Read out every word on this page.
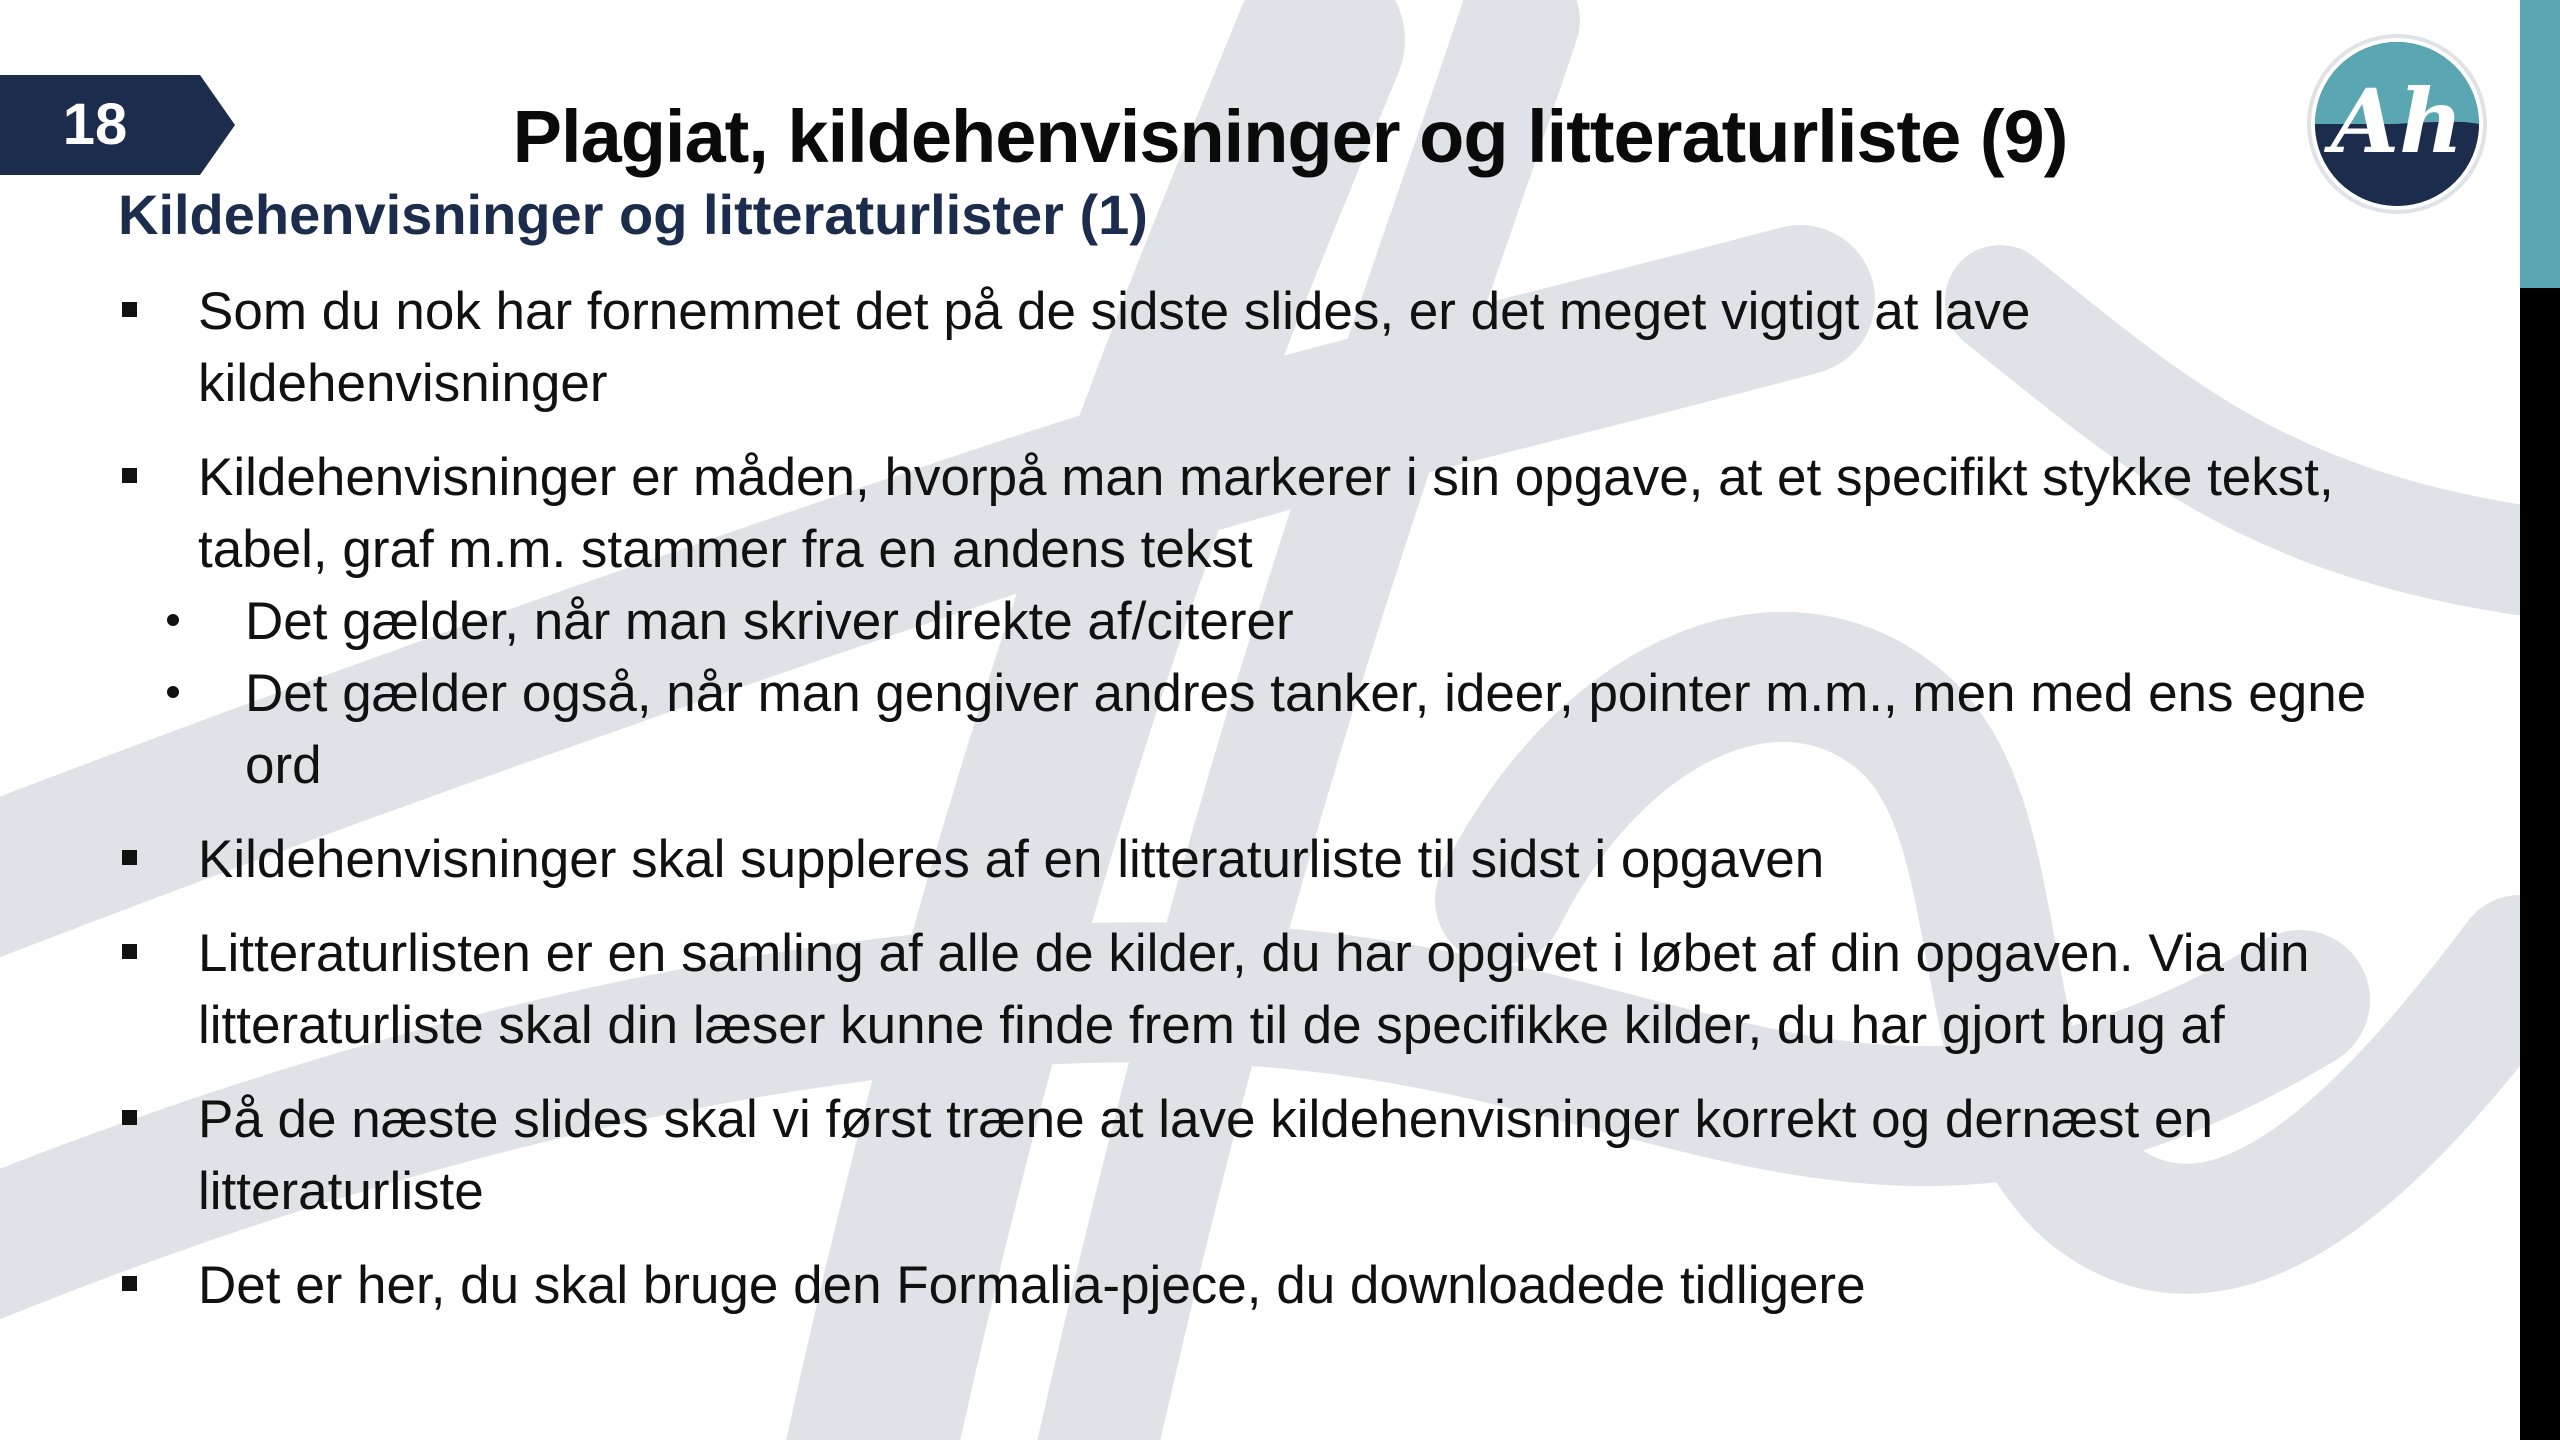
18	Plagiat, kildehenvisninger og litteraturliste (9)	Ah
Kildehenvisninger og litteraturlister (1)
Som du nok har fornemmet det på de sidste slides, er det meget vigtigt at lave kildehenvisninger
Kildehenvisninger er måden, hvorpå man markerer i sin opgave, at et specifikt stykke tekst, tabel, graf m.m. stammer fra en andens tekst
Det gælder, når man skriver direkte af/citerer
Det gælder også, når man gengiver andres tanker, ideer, pointer m.m., men med ens egne ord
Kildehenvisninger skal suppleres af en litteraturliste til sidst i opgaven
Litteraturlisten er en samling af alle de kilder, du har opgivet i løbet af din opgaven. Via din litteraturliste skal din læser kunne finde frem til de specifikke kilder, du har gjort brug af
På de næste slides skal vi først træne at lave kildehenvisninger korrekt og dernæst en litteraturliste
Det er her, du skal bruge den Formalia-pjece, du downloadede tidligere
